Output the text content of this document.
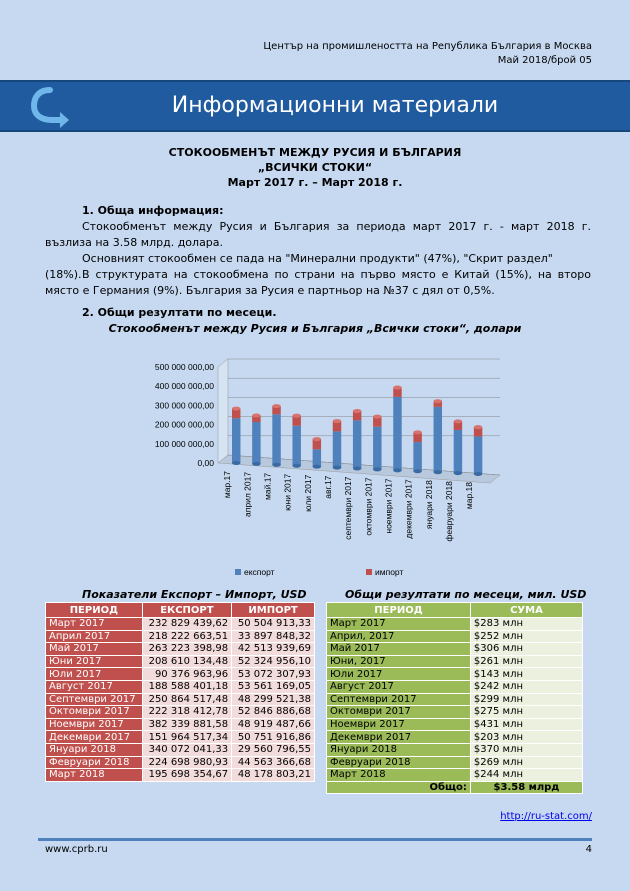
Център на промишлеността на Република България в Москва
Май 2018/брой 05
Информационни материали
СТОКООБМЕНЪТ МЕЖДУ РУСИЯ И БЪЛГАРИЯ
„ВСИЧКИ СТОКИ“
Март 2017 г. – Март 2018 г.
1. Обща информация:
Стокообменът между Русия и България за периода март 2017 г. - март 2018 г. възлиза на 3.58 млрд. долара.
Основният стокообмен се пада на "Минерални продукти" (47%), "Скрит раздел" (18%). В структурата на стокообмена по страни на първо място е Китай (15%), на второ място е Германия (9%). България за Русия е партньор на №37 с дял от 0,5%.
2. Общи резултати по месеци.
Стокообменът между Русия и България „Всички стоки“, долари
0,00
100 000 000,00
200 000 000,00
300 000 000,00
400 000 000,00
500 000 000,00
мар.17 април 2017 май.17 юни 2017 юли 2017 авг.17 септември 2017 октомври 2017 ноември 2017 декември 2017 януари 2018 февруари 2018 мар.18
експорт	импорт
Показатели Експорт – Импорт, USD	Общи резултати по месеци, мил. USD
ПЕРИОД	ЕКСПОРТ	ИМПОРТ
Март 2017	232 829 439,62	50 504 913,33
Април 2017	218 222 663,51	33 897 848,32
Май 2017	263 223 398,98	42 513 939,69
Юни 2017	208 610 134,48	52 324 956,10
Юли 2017	90 376 963,96	53 072 307,93
Август 2017	188 588 401,18	53 561 169,05
Септември 2017	250 864 517,48	48 299 521,38
Октомври 2017	222 318 412,78	52 846 886,68
Ноември 2017	382 339 881,58	48 919 487,66
Декември 2017	151 964 517,34	50 751 916,86
Януари 2018	340 072 041,33	29 560 796,55
Февруари 2018	224 698 980,93	44 563 366,68
Март 2018	195 698 354,67	48 178 803,21
ПЕРИОД	СУМА
Март 2017	$283 млн
Април, 2017	$252 млн
Май 2017	$306 млн
Юни, 2017	$261 млн
Юли 2017	$143 млн
Август 2017	$242 млн
Септември 2017	$299 млн
Октомври 2017	$275 млн
Ноември 2017	$431 млн
Декември 2017	$203 млн
Януари 2018	$370 млн
Февруари 2018	$269 млн
Март 2018	$244 млн
Общо:	$3.58 млрд
http://ru-stat.com/
www.cprb.ru	4
